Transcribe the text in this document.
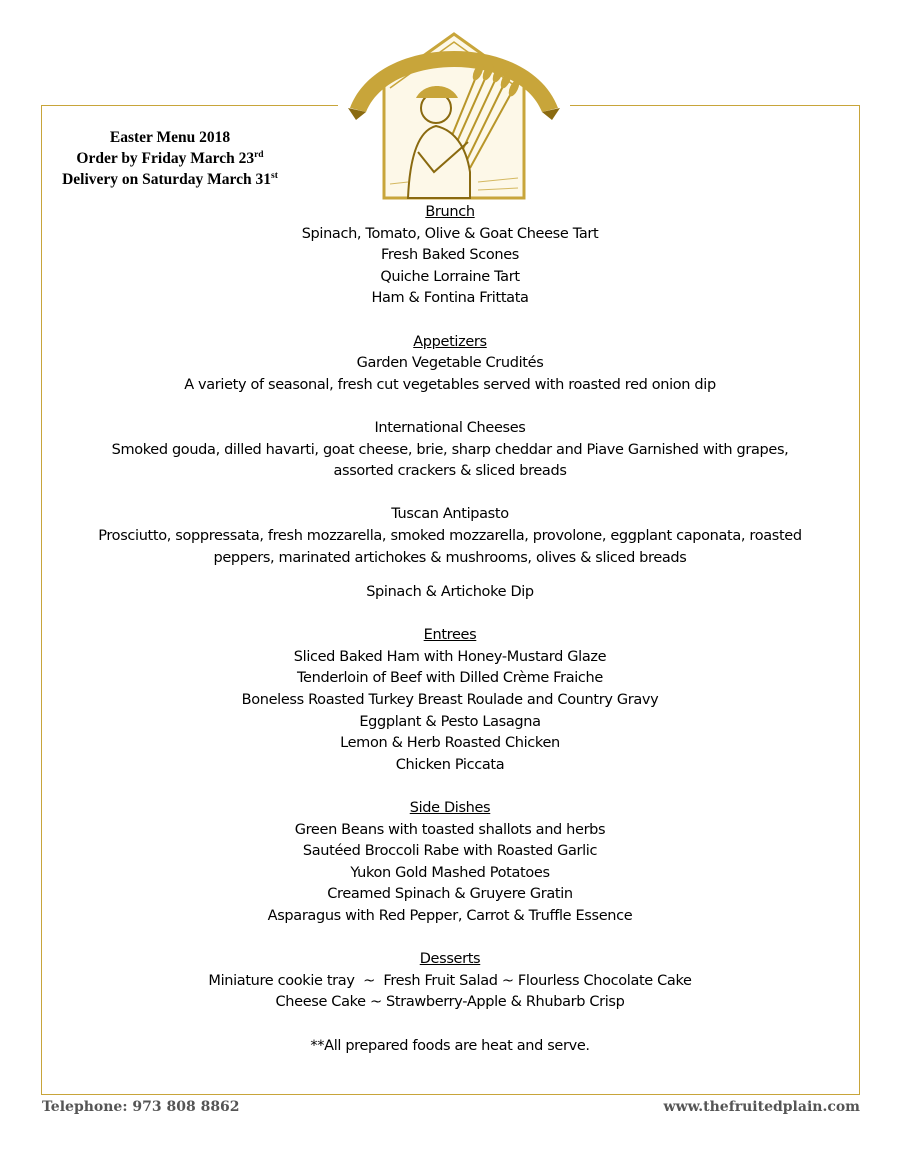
Easter Menu 2018
Order by Friday March 23rd
Delivery on Saturday March 31st

Brunch

Spinach, Tomato, Olive & Goat Cheese Tart

Fresh Baked Scones

Quiche Lorraine Tart

Ham & Fontina Frittata

Appetizers

Garden Vegetable Crudités

A variety of seasonal, fresh cut vegetables served with roasted red onion dip

International Cheeses

Smoked gouda, dilled havarti, goat cheese, brie, sharp cheddar and Piave Garnished with grapes,

assorted crackers & sliced breads

Tuscan Antipasto

Prosciutto, soppressata, fresh mozzarella, smoked mozzarella, provolone, eggplant caponata, roasted

peppers, marinated artichokes & mushrooms, olives & sliced breads

Spinach & Artichoke Dip

Entrees

Sliced Baked Ham with Honey-Mustard Glaze

Tenderloin of Beef with Dilled Crème Fraiche

Boneless Roasted Turkey Breast Roulade and Country Gravy

Eggplant & Pesto Lasagna

Lemon & Herb Roasted Chicken

Chicken Piccata

Side Dishes

Green Beans with toasted shallots and herbs

Sautéed Broccoli Rabe with Roasted Garlic

Yukon Gold Mashed Potatoes

Creamed Spinach & Gruyere Gratin

Asparagus with Red Pepper, Carrot & Truffle Essence

Desserts

Miniature cookie tray  ~  Fresh Fruit Salad ~ Flourless Chocolate Cake

Cheese Cake ~ Strawberry-Apple & Rhubarb Crisp

**All prepared foods are heat and serve.

Telephone: 973 808 8862	www.thefruitedplain.com
